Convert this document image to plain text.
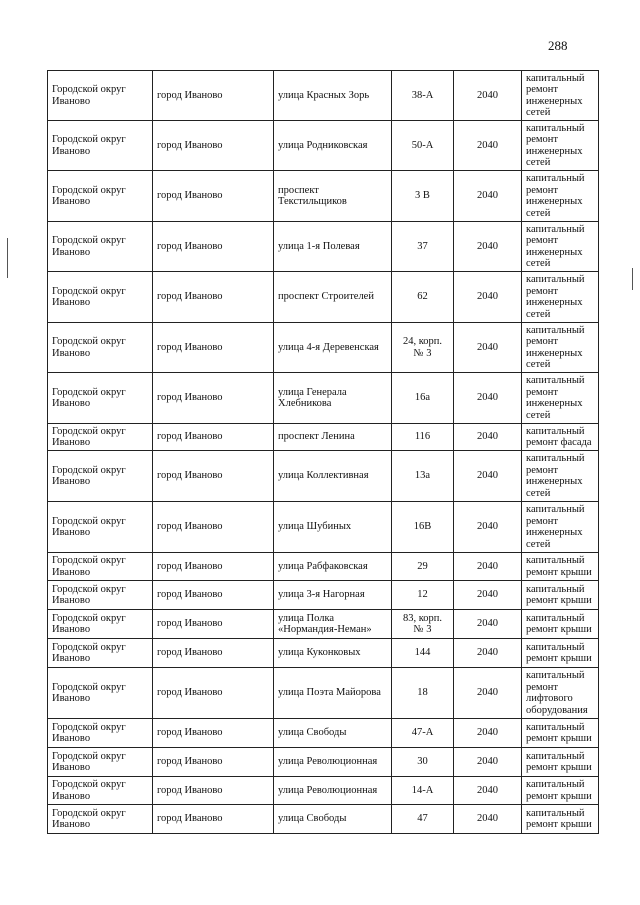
288
Городской округ
Иваново	город Иваново	улица Красных Зорь	38-А	2040	капитальный
ремонт
инженерных
сетей
Городской округ
Иваново	город Иваново	улица Родниковская	50-А	2040	капитальный
ремонт
инженерных
сетей
Городской округ
Иваново	город Иваново	проспект
Текстильщиков	3 В	2040	капитальный
ремонт
инженерных
сетей
Городской округ
Иваново	город Иваново	улица 1-я Полевая	37	2040	капитальный
ремонт
инженерных
сетей
Городской округ
Иваново	город Иваново	проспект Строителей	62	2040	капитальный
ремонт
инженерных
сетей
Городской округ
Иваново	город Иваново	улица 4-я Деревенская	24, корп.
№ 3	2040	капитальный
ремонт
инженерных
сетей
Городской округ
Иваново	город Иваново	улица Генерала
Хлебникова	16а	2040	капитальный
ремонт
инженерных
сетей
Городской округ
Иваново	город Иваново	проспект Ленина	116	2040	капитальный
ремонт фасада
Городской округ
Иваново	город Иваново	улица Коллективная	13а	2040	капитальный
ремонт
инженерных
сетей
Городской округ
Иваново	город Иваново	улица Шубиных	16В	2040	капитальный
ремонт
инженерных
сетей
Городской округ
Иваново	город Иваново	улица Рабфаковская	29	2040	капитальный
ремонт крыши
Городской округ
Иваново	город Иваново	улица 3-я Нагорная	12	2040	капитальный
ремонт крыши
Городской округ
Иваново	город Иваново	улица Полка
«Нормандия-Неман»	83, корп.
№ 3	2040	капитальный
ремонт крыши
Городской округ
Иваново	город Иваново	улица Куконковых	144	2040	капитальный
ремонт крыши
Городской округ
Иваново	город Иваново	улица Поэта Майорова	18	2040	капитальный
ремонт
лифтового
оборудования
Городской округ
Иваново	город Иваново	улица Свободы	47-А	2040	капитальный
ремонт крыши
Городской округ
Иваново	город Иваново	улица Революционная	30	2040	капитальный
ремонт крыши
Городской округ
Иваново	город Иваново	улица Революционная	14-А	2040	капитальный
ремонт крыши
Городской округ
Иваново	город Иваново	улица Свободы	47	2040	капитальный
ремонт крыши
